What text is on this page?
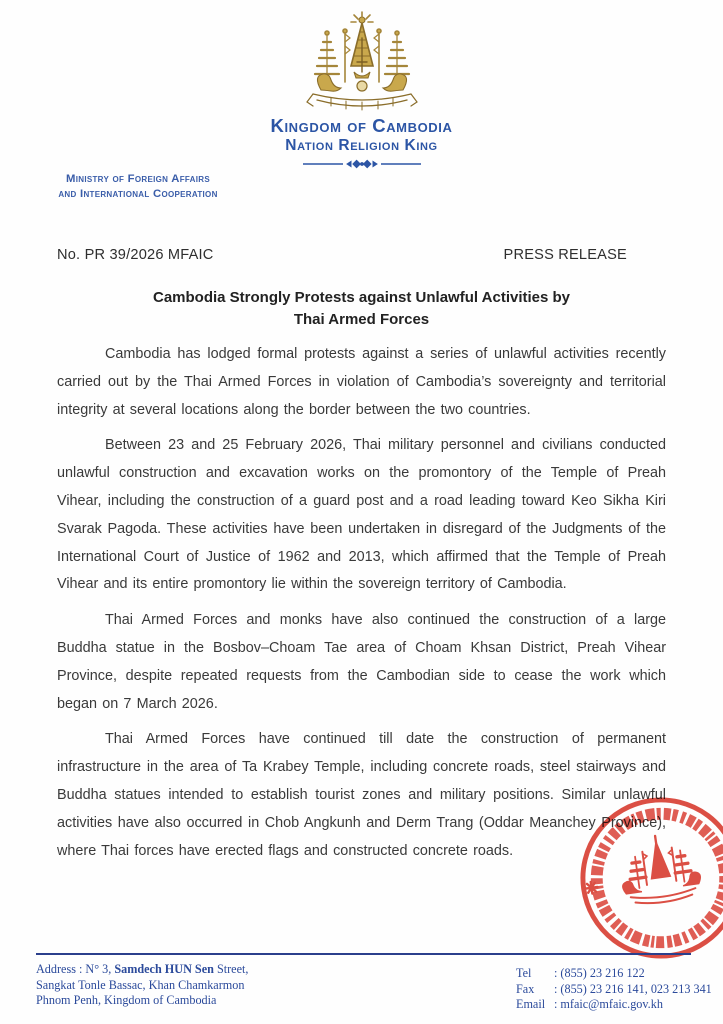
Kingdom of Cambodia
Nation Religion King
Ministry of Foreign Affairs
and International Cooperation
No. PR 39/2026 MFAIC	PRESS RELEASE
Cambodia Strongly Protests against Unlawful Activities by
Thai Armed Forces

Cambodia has lodged formal protests against a series of unlawful activities recently carried out by the Thai Armed Forces in violation of Cambodia’s sovereignty and territorial integrity at several locations along the border between the two countries.

Between 23 and 25 February 2026, Thai military personnel and civilians conducted unlawful construction and excavation works on the promontory of the Temple of Preah Vihear, including the construction of a guard post and a road leading toward Keo Sikha Kiri Svarak Pagoda. These activities have been undertaken in disregard of the Judgments of the International Court of Justice of 1962 and 2013, which affirmed that the Temple of Preah Vihear and its entire promontory lie within the sovereign territory of Cambodia.

Thai Armed Forces and monks have also continued the construction of a large Buddha statue in the Bosbov–Choam Tae area of Choam Khsan District, Preah Vihear Province, despite repeated requests from the Cambodian side to cease the work which began on 7 March 2026.

Thai Armed Forces have continued till date the construction of permanent infrastructure in the area of Ta Krabey Temple, including concrete roads, steel stairways and Buddha statues intended to establish tourist zones and military positions. Similar unlawful activities have also occurred in Chob Angkunh and Derm Trang (Oddar Meanchey Province), where Thai forces have erected flags and constructed concrete roads.

Address : N° 3, Samdech HUN Sen Street,
Sangkat Tonle Bassac, Khan Chamkarmon
Phnom Penh, Kingdom of Cambodia
Tel	: (855) 23 216 122
Fax	: (855) 23 216 141, 023 213 341
Email : mfaic@mfaic.gov.kh
